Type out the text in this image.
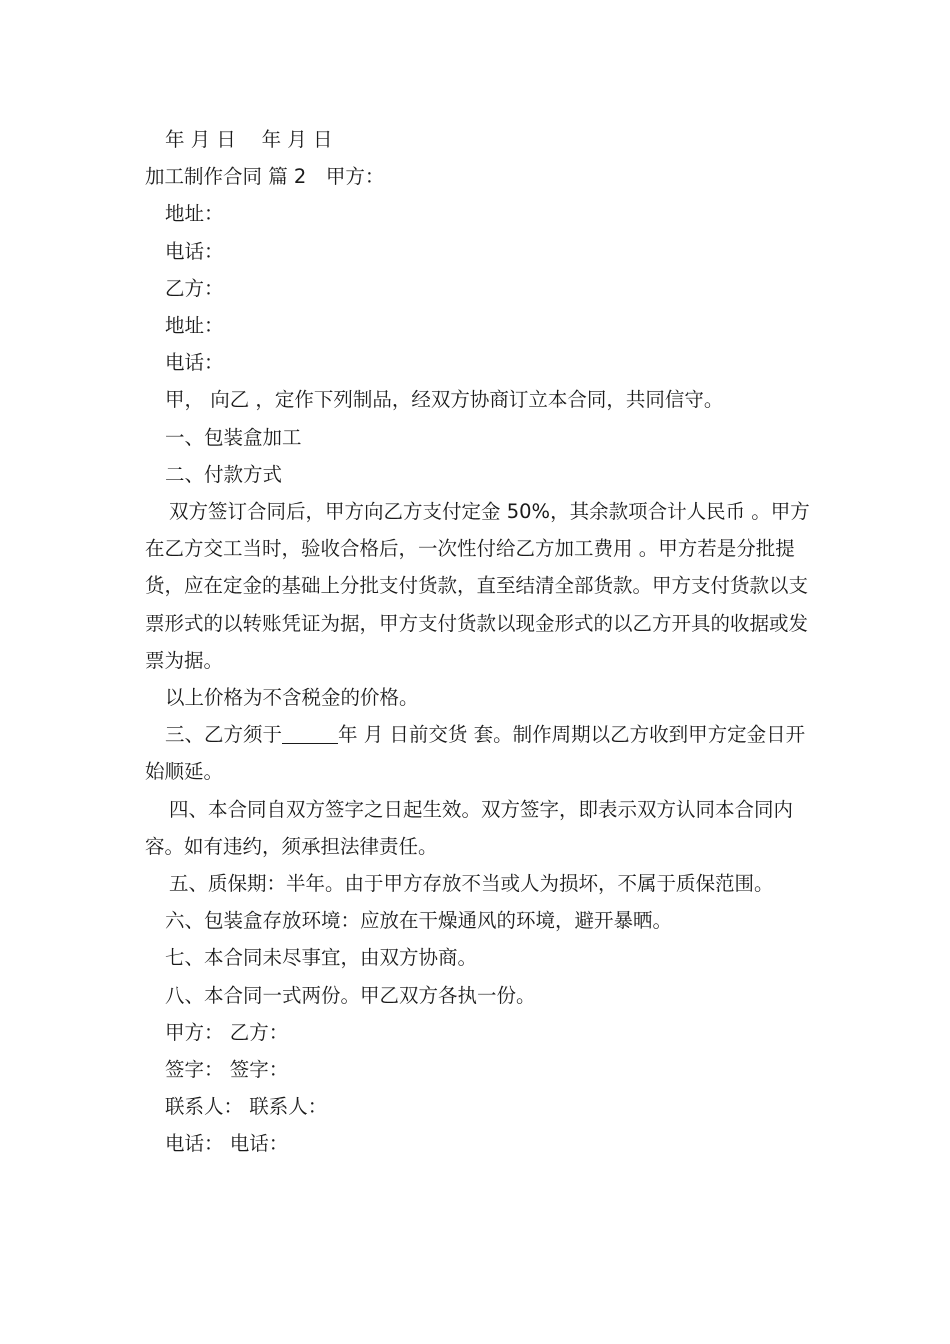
年 月 日　 年 月 日

加工制作合同 篇 2　 甲方：

地址：

电话：

乙方：

地址：

电话：

甲， 向乙 ，定作下列制品，经双方协商订立本合同，共同信守。

一、包装盒加工

二、付款方式

双方签订合同后，甲方向乙方支付定金 50%，其余款项合计人民币 。甲方在乙方交工当时，验收合格后，一次性付给乙方加工费用 。甲方若是分批提货，应在定金的基础上分批支付货款，直至结清全部货款。甲方支付货款以支票形式的以转账凭证为据，甲方支付货款以现金形式的以乙方开具的收据或发票为据。

以上价格为不含税金的价格。

三、乙方须于	年 月 日前交货 套。制作周期以乙方收到甲方定金日开始顺延。

四、本合同自双方签字之日起生效。双方签字，即表示双方认同本合同内容。如有违约，须承担法律责任。

五、质保期：半年。由于甲方存放不当或人为损坏，不属于质保范围。

六、包装盒存放环境：应放在干燥通风的环境，避开暴晒。

七、本合同未尽事宜，由双方协商。

八、本合同一式两份。甲乙双方各执一份。

甲方： 乙方：

签字： 签字：

联系人： 联系人：

电话： 电话：
